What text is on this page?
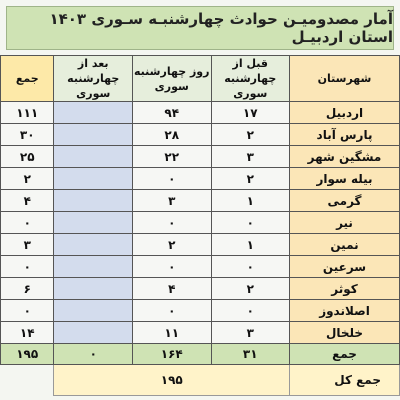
آمار مصدومیـن حوادث چهارشنبـه سـوری ۱۴۰۳ استان اردبیـل
شهرستان	قبل از چهارشنبه سوری	روز چهارشنبه سوری	بعد از چهارشنبه سوری	جمع
اردبیل	۱۷	۹۴		۱۱۱
پارس آباد	۲	۲۸		۳۰
مشگین شهر	۳	۲۲		۲۵
بیله سوار	۲	۰		۲
گرمی	۱	۳		۴
نیر	۰	۰		۰
نمین	۱	۲		۳
سرعین	۰	۰		۰
کوثر	۲	۴		۶
اصلاندوز	۰	۰		۰
خلخال	۳	۱۱		۱۴
جمع	۳۱	۱۶۴	۰	۱۹۵
جمع کل	۱۹۵			
